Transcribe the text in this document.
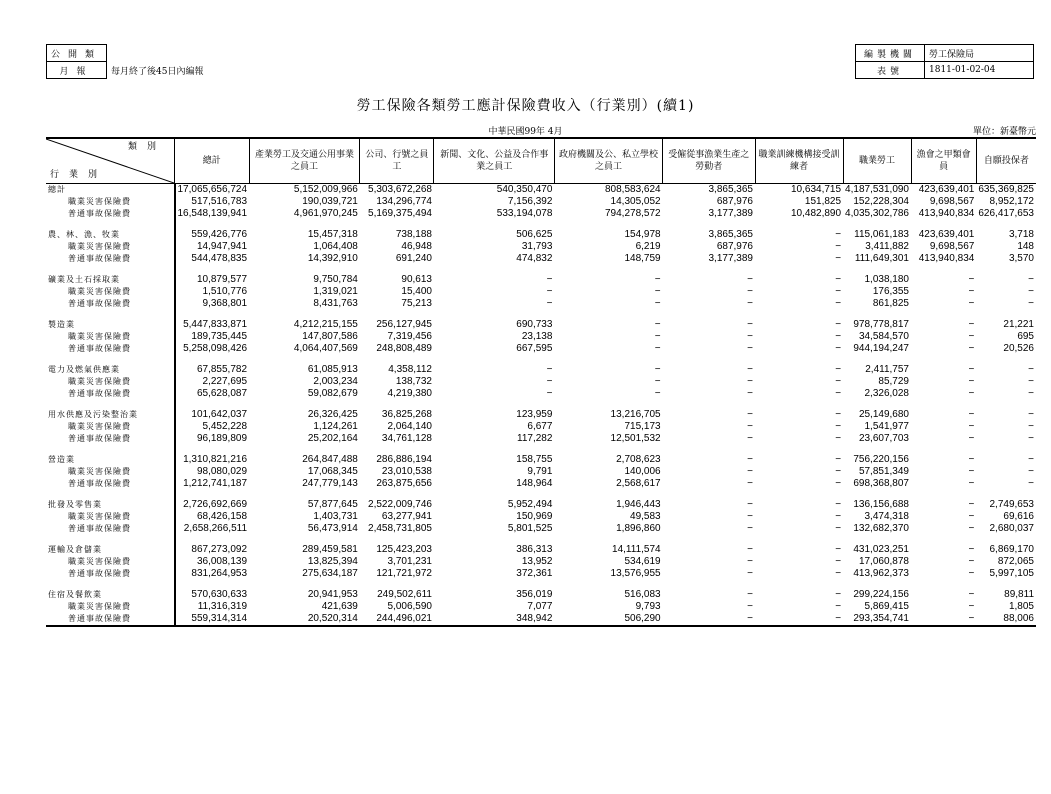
公開類	
月報	每月終了後45日內編報
編製機關	勞工保險局
表號	1811-01-02-04
勞工保險各類勞工應計保險費收入（行業別）(續1)
中華民國99年 4月	單位：新臺幣元
類別
行業別	總計	產業勞工及交通公用事業之員工	公司、行號之員工	新聞、文化、公益及合作事業之員工	政府機關及公、私立學校之員工	受僱從事漁業生產之勞動者	職業訓練機構接受訓練者	職業勞工	漁會之甲類會員	自願投保者
總計	17,065,656,724	5,152,009,966	5,303,672,268	540,350,470	808,583,624	3,865,365	10,634,715	4,187,531,090	423,639,401	635,369,825
職業災害保險費	517,516,783	190,039,721	134,296,774	7,156,392	14,305,052	687,976	151,825	152,228,304	9,698,567	8,952,172
普通事故保險費	16,548,139,941	4,961,970,245	5,169,375,494	533,194,078	794,278,572	3,177,389	10,482,890	4,035,302,786	413,940,834	626,417,653

農、林、漁、牧業	559,426,776	15,457,318	738,188	506,625	154,978	3,865,365	−	115,061,183	423,639,401	3,718
職業災害保險費	14,947,941	1,064,408	46,948	31,793	6,219	687,976	−	3,411,882	9,698,567	148
普通事故保險費	544,478,835	14,392,910	691,240	474,832	148,759	3,177,389	−	111,649,301	413,940,834	3,570

礦業及土石採取業	10,879,577	9,750,784	90,613	−	−	−	−	1,038,180	−	−
職業災害保險費	1,510,776	1,319,021	15,400	−	−	−	−	176,355	−	−
普通事故保險費	9,368,801	8,431,763	75,213	−	−	−	−	861,825	−	−

製造業	5,447,833,871	4,212,215,155	256,127,945	690,733	−	−	−	978,778,817	−	21,221
職業災害保險費	189,735,445	147,807,586	7,319,456	23,138	−	−	−	34,584,570	−	695
普通事故保險費	5,258,098,426	4,064,407,569	248,808,489	667,595	−	−	−	944,194,247	−	20,526

電力及燃氣供應業	67,855,782	61,085,913	4,358,112	−	−	−	−	2,411,757	−	−
職業災害保險費	2,227,695	2,003,234	138,732	−	−	−	−	85,729	−	−
普通事故保險費	65,628,087	59,082,679	4,219,380	−	−	−	−	2,326,028	−	−

用水供應及污染整治業	101,642,037	26,326,425	36,825,268	123,959	13,216,705	−	−	25,149,680	−	−
職業災害保險費	5,452,228	1,124,261	2,064,140	6,677	715,173	−	−	1,541,977	−	−
普通事故保險費	96,189,809	25,202,164	34,761,128	117,282	12,501,532	−	−	23,607,703	−	−

營造業	1,310,821,216	264,847,488	286,886,194	158,755	2,708,623	−	−	756,220,156	−	−
職業災害保險費	98,080,029	17,068,345	23,010,538	9,791	140,006	−	−	57,851,349	−	−
普通事故保險費	1,212,741,187	247,779,143	263,875,656	148,964	2,568,617	−	−	698,368,807	−	−

批發及零售業	2,726,692,669	57,877,645	2,522,009,746	5,952,494	1,946,443	−	−	136,156,688	−	2,749,653
職業災害保險費	68,426,158	1,403,731	63,277,941	150,969	49,583	−	−	3,474,318	−	69,616
普通事故保險費	2,658,266,511	56,473,914	2,458,731,805	5,801,525	1,896,860	−	−	132,682,370	−	2,680,037

運輸及倉儲業	867,273,092	289,459,581	125,423,203	386,313	14,111,574	−	−	431,023,251	−	6,869,170
職業災害保險費	36,008,139	13,825,394	3,701,231	13,952	534,619	−	−	17,060,878	−	872,065
普通事故保險費	831,264,953	275,634,187	121,721,972	372,361	13,576,955	−	−	413,962,373	−	5,997,105

住宿及餐飲業	570,630,633	20,941,953	249,502,611	356,019	516,083	−	−	299,224,156	−	89,811
職業災害保險費	11,316,319	421,639	5,006,590	7,077	9,793	−	−	5,869,415	−	1,805
普通事故保險費	559,314,314	20,520,314	244,496,021	348,942	506,290	−	−	293,354,741	−	88,006
